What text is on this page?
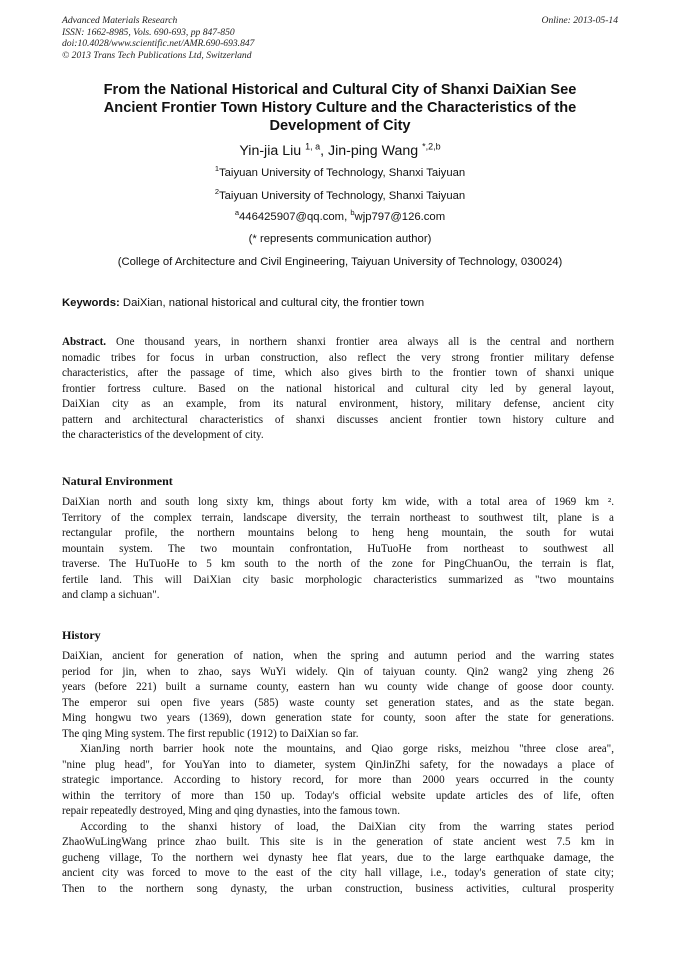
Advanced Materials Research
ISSN: 1662-8985, Vols. 690-693, pp 847-850
doi:10.4028/www.scientific.net/AMR.690-693.847
© 2013 Trans Tech Publications Ltd, Switzerland
Online: 2013-05-14
From the National Historical and Cultural City of Shanxi DaiXian See
Ancient Frontier Town History Culture and the Characteristics of the
Development of City
Yin-jia Liu $^{1, a}$, Jin-ping Wang $^{*,2,b}$
$^1$Taiyuan University of Technology, Shanxi Taiyuan
$^2$Taiyuan University of Technology, Shanxi Taiyuan
$^a$446425907@qq.com, $^b$wjp797@126.com
(* represents communication author)
(College of Architecture and Civil Engineering, Taiyuan University of Technology, 030024)
Keywords: DaiXian, national historical and cultural city, the frontier town
Abstract. One thousand years, in northern shanxi frontier area always all is the central and northern
nomadic tribes for focus in urban construction, also reflect the very strong frontier military defense
characteristics, after the passage of time, which also gives birth to the frontier town of shanxi unique
frontier fortress culture. Based on the national historical and cultural city led by general layout,
DaiXian city as an example, from its natural environment, history, military defense, ancient city
pattern and architectural characteristics of shanxi discusses ancient frontier town history culture and
the characteristics of the development of city.
Natural Environment
DaiXian north and south long sixty km, things about forty km wide, with a total area of 1969 km ².
Territory of the complex terrain, landscape diversity, the terrain northeast to southwest tilt, plane is a
rectangular profile, the northern mountains belong to heng heng mountain, the south for wutai
mountain system. The two mountain confrontation, HuTuoHe from northeast to southwest all
traverse. The HuTuoHe to 5 km south to the north of the zone for PingChuanOu, the terrain is flat,
fertile land. This will DaiXian city basic morphologic characteristics summarized as "two mountains
and clamp a sichuan".
History
DaiXian, ancient for generation of nation, when the spring and autumn period and the warring states
period for jin, when to zhao, says WuYi widely. Qin of taiyuan county. Qin2 wang2 ying zheng 26
years (before 221) built a surname county, eastern han wu county wide change of goose door county.
The emperor sui open five years (585) waste county set generation states, and as the state began.
Ming hongwu two years (1369), down generation state for county, soon after the state for generations.
The qing Ming system. The first republic (1912) to DaiXian so far.
XianJing north barrier hook note the mountains, and Qiao gorge risks, meizhou "three close area",
"nine plug head", for YouYan into to diameter, system QinJinZhi safety, for the nowadays a place of
strategic importance. According to history record, for more than 2000 years occurred in the county
within the territory of more than 150 up. Today's official website update articles des of life, often
repair repeatedly destroyed, Ming and qing dynasties, into the famous town.
According to the shanxi history of load, the DaiXian city from the warring states period
ZhaoWuLingWang prince zhao built. This site is in the generation of state ancient west 7.5 km in
gucheng village, To the northern wei dynasty hee flat years, due to the large earthquake damage, the
ancient city was forced to move to the east of the city hall village, i.e., today's generation of state city;
Then to the northern song dynasty, the urban construction, business activities, cultural prosperity
